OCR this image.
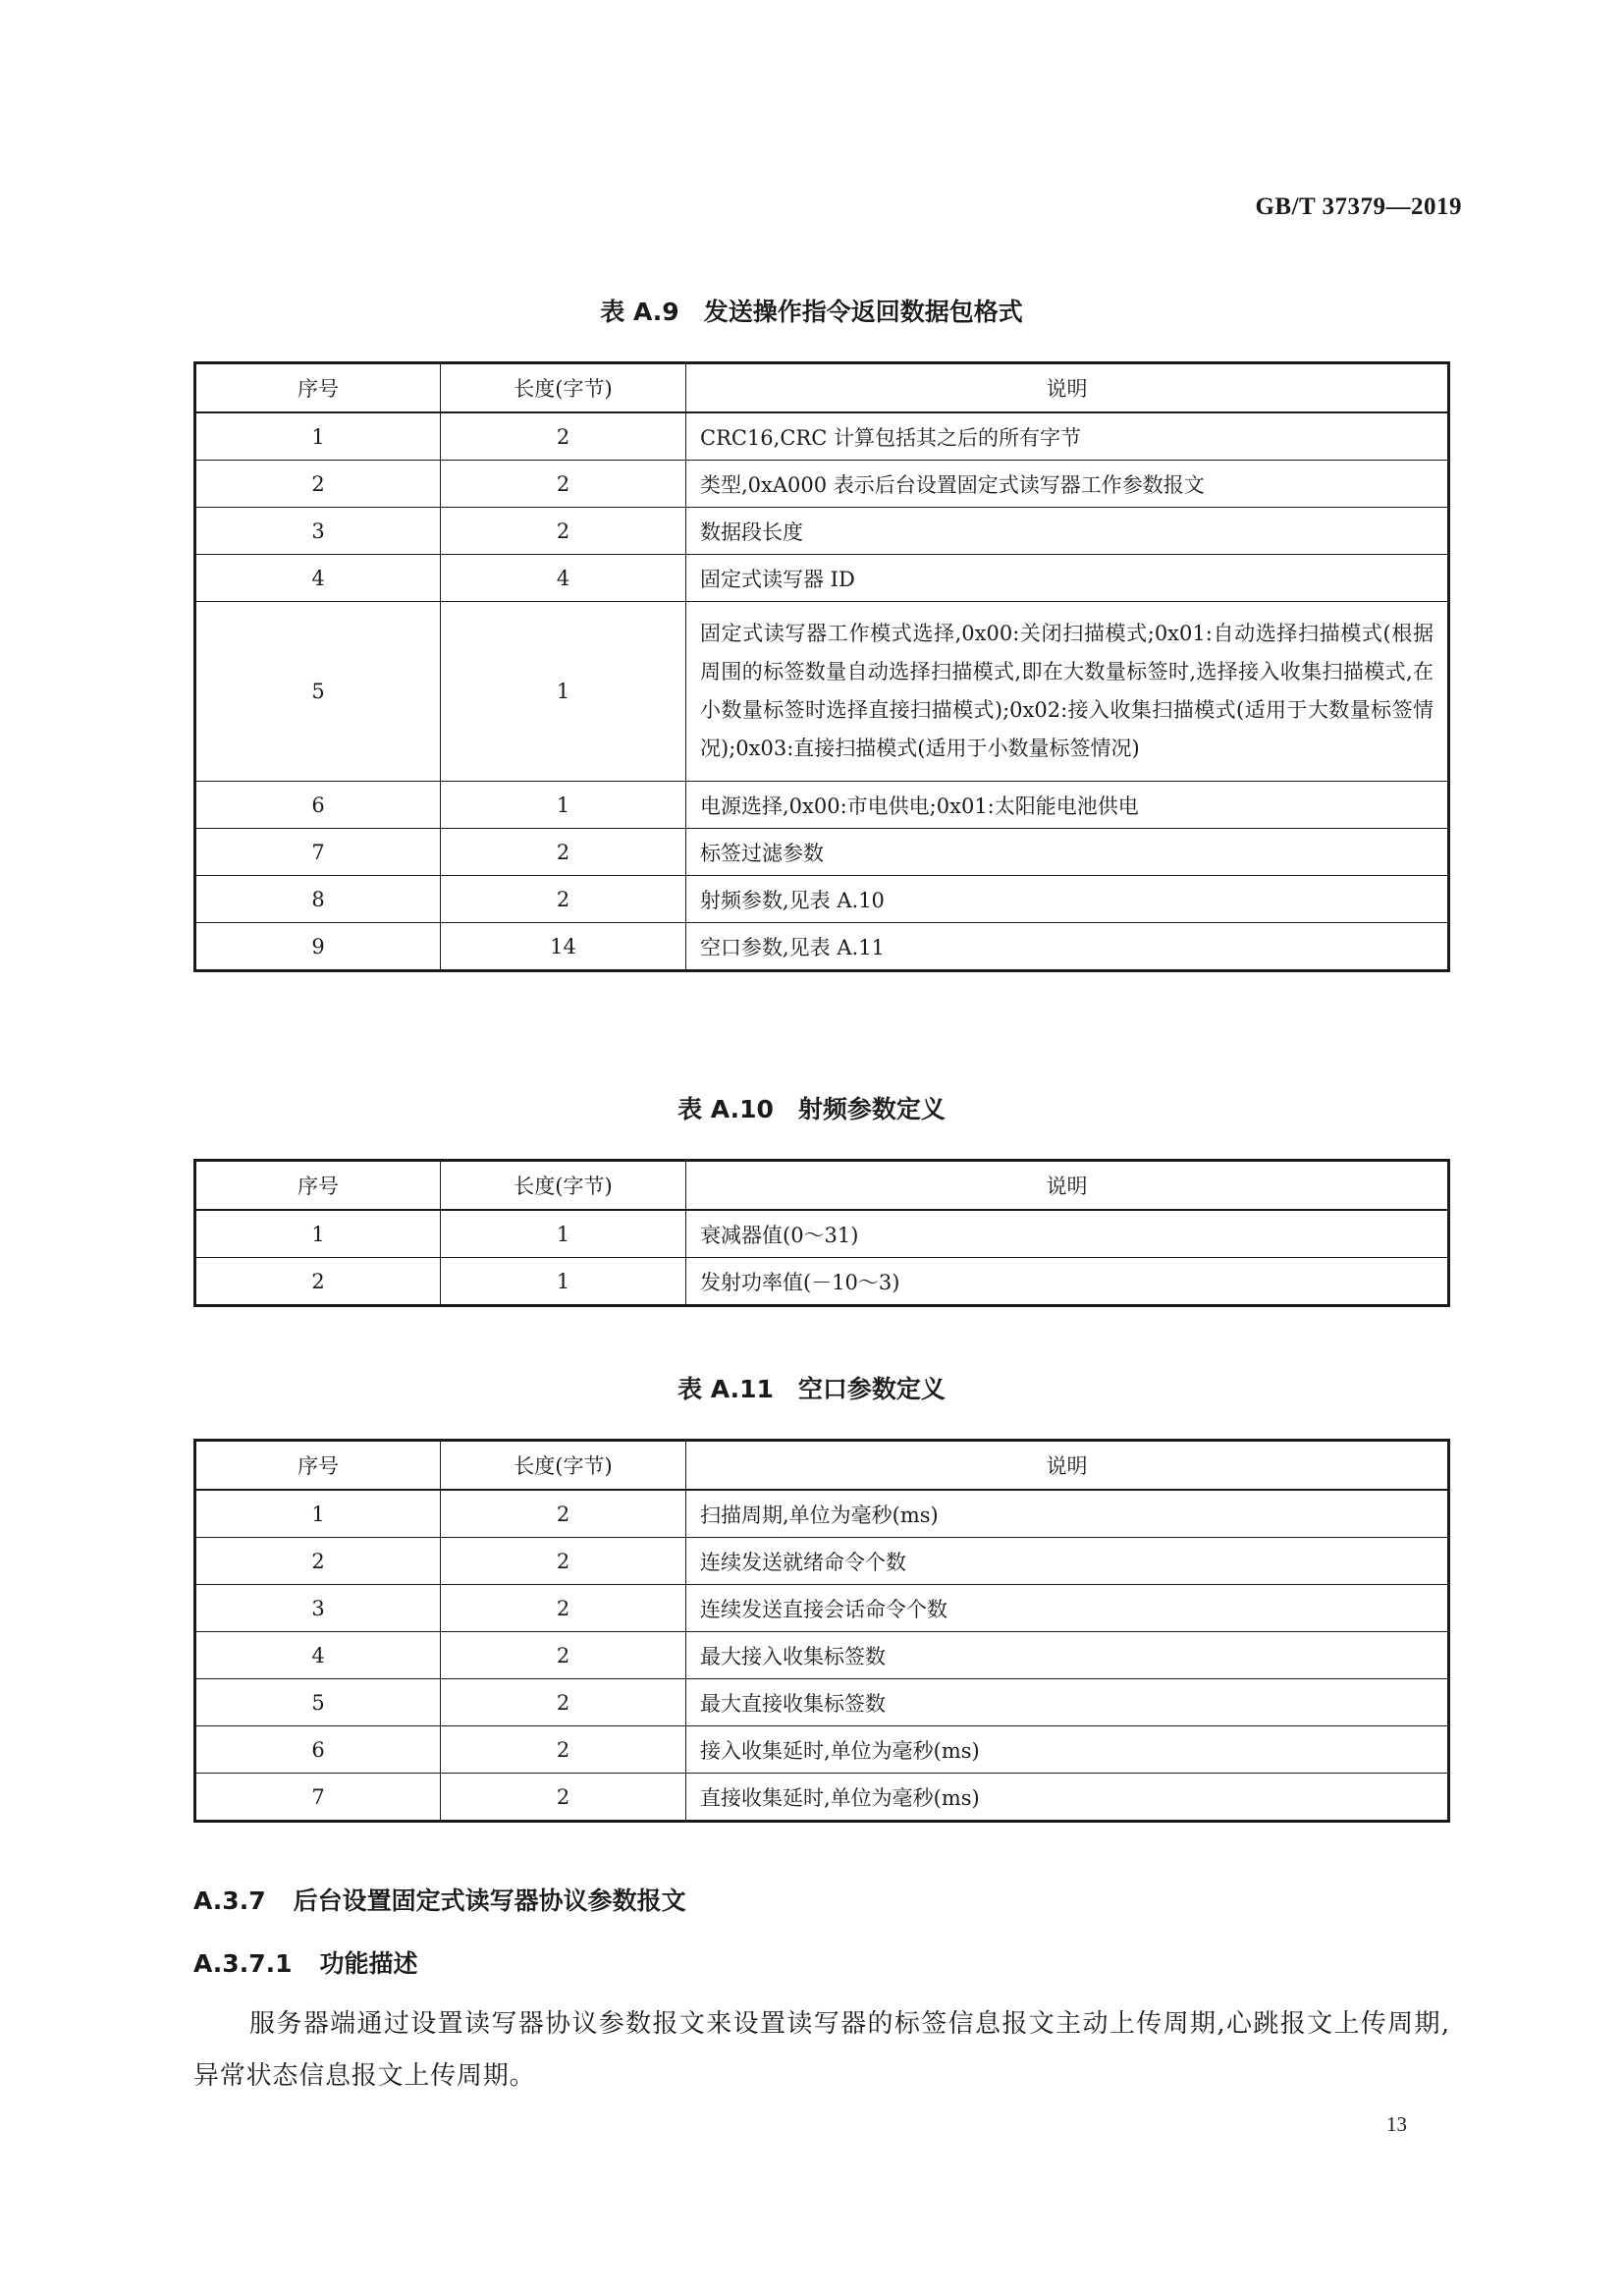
GB/T 37379—2019
表 A.9　发送操作指令返回数据包格式
序号	长度(字节)	说明
1	2	CRC16,CRC 计算包括其之后的所有字节
2	2	类型,0xA000 表示后台设置固定式读写器工作参数报文
3	2	数据段长度
4	4	固定式读写器 ID
5	1	固定式读写器工作模式选择,0x00:关闭扫描模式;0x01:自动选择扫描模式(根据周围的标签数量自动选择扫描模式,即在大数量标签时,选择接入收集扫描模式,在小数量标签时选择直接扫描模式);0x02:接入收集扫描模式(适用于大数量标签情况);0x03:直接扫描模式(适用于小数量标签情况)
6	1	电源选择,0x00:市电供电;0x01:太阳能电池供电
7	2	标签过滤参数
8	2	射频参数,见表 A.10
9	14	空口参数,见表 A.11
表 A.10　射频参数定义
序号	长度(字节)	说明
1	1	衰减器值(0～31)
2	1	发射功率值(－10～3)
表 A.11　空口参数定义
序号	长度(字节)	说明
1	2	扫描周期,单位为毫秒(ms)
2	2	连续发送就绪命令个数
3	2	连续发送直接会话命令个数
4	2	最大接入收集标签数
5	2	最大直接收集标签数
6	2	接入收集延时,单位为毫秒(ms)
7	2	直接收集延时,单位为毫秒(ms)
A.3.7 后台设置固定式读写器协议参数报文
A.3.7.1 功能描述
服务器端通过设置读写器协议参数报文来设置读写器的标签信息报文主动上传周期,心跳报文上传周期,异常状态信息报文上传周期。
13
